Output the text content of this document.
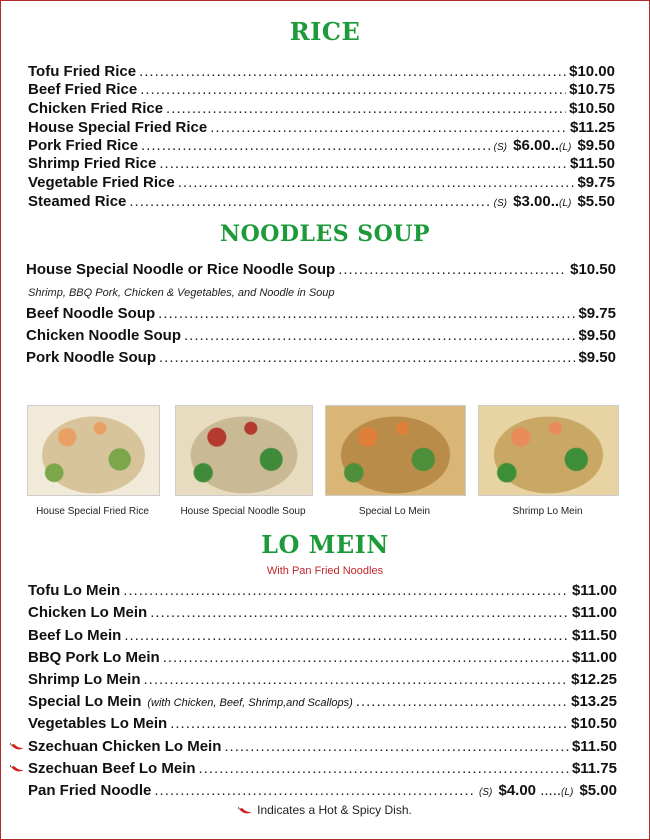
RICE
Tofu Fried Rice .....	$10.00
Beef Fried Rice .....	$10.75
Chicken Fried Rice .....	$10.50
House Special Fried Rice .....	$11.25
Pork Fried Rice .....	(S) $6.00..(L) $9.50
Shrimp Fried Rice .....	$11.50
Vegetable Fried Rice .....	$9.75
Steamed Rice .....	(S) $3.00..(L) $5.50
NOODLES SOUP
House Special Noodle or Rice Noodle Soup .....	$10.50
Shrimp, BBQ Pork, Chicken & Vegetables, and Noodle in Soup
Beef Noodle Soup .....	$9.75
Chicken Noodle Soup .....	$9.50
Pork Noodle Soup .....	$9.50
House Special Fried Rice	House Special Noodle Soup	Special Lo Mein	Shrimp Lo Mein
LO MEIN
With Pan Fried Noodles
Tofu Lo Mein .....	$11.00
Chicken Lo Mein .....	$11.00
Beef Lo Mein .....	$11.50
BBQ Pork Lo Mein .....	$11.00
Shrimp Lo Mein .....	$12.25
Special Lo Mein (with Chicken, Beef, Shrimp,and Scallops) .....	$13.25
Vegetables Lo Mein .....	$10.50
Szechuan Chicken Lo Mein .....	$11.50
Szechuan Beef Lo Mein .....	$11.75
Pan Fried Noodle .....	(S) $4.00 .....(L) $5.00
Indicates a Hot & Spicy Dish.
